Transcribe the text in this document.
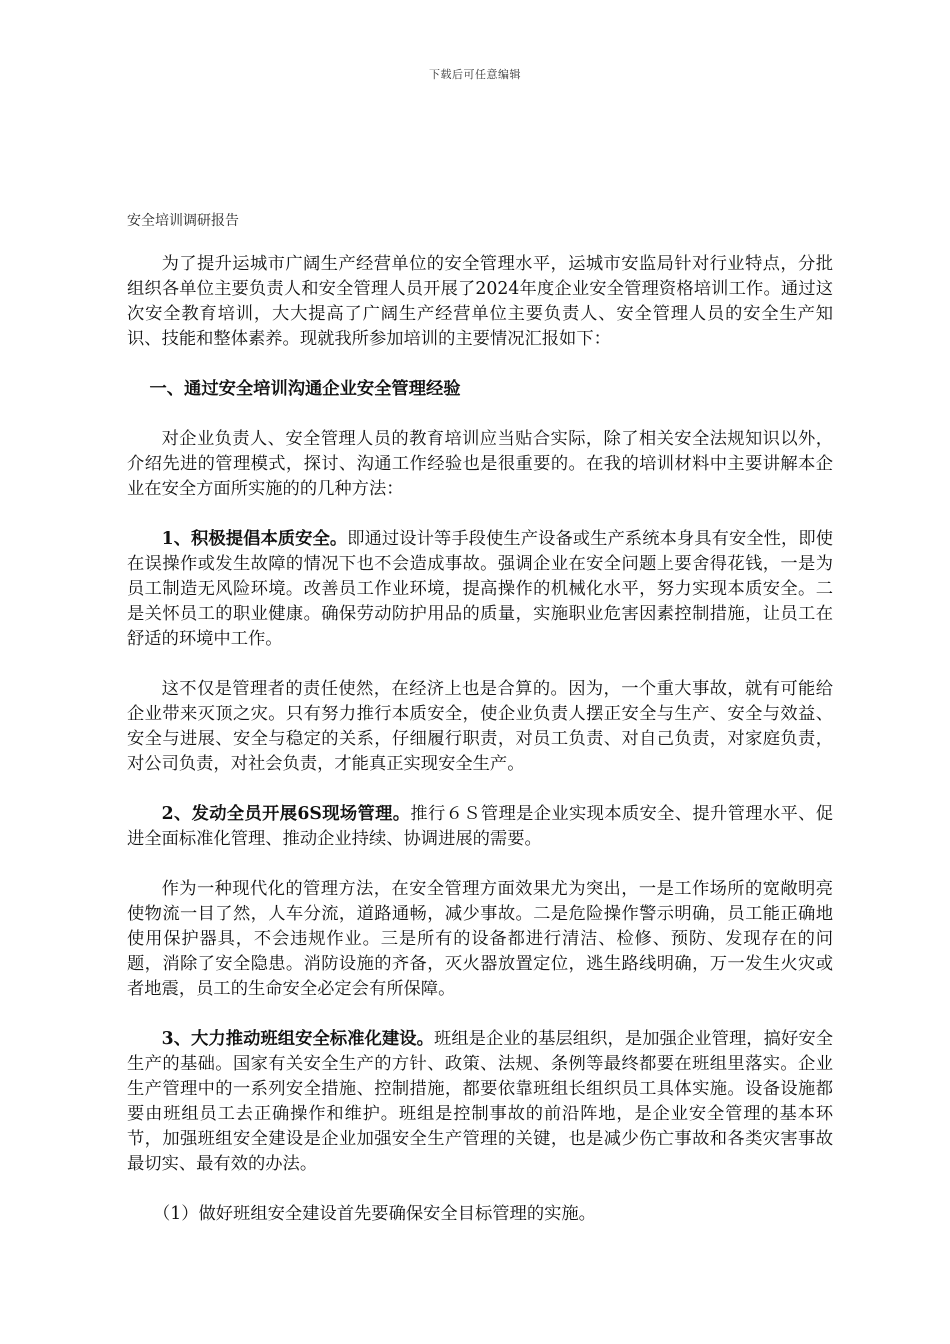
下载后可任意编辑
安全培训调研报告

为了提升运城市广阔生产经营单位的安全管理水平，运城市安监局针对行业特点，分批组织各单位主要负责人和安全管理人员开展了2024年度企业安全管理资格培训工作。通过这次安全教育培训，大大提高了广阔生产经营单位主要负责人、安全管理人员的安全生产知识、技能和整体素养。现就我所参加培训的主要情况汇报如下：

一、通过安全培训沟通企业安全管理经验

对企业负责人、安全管理人员的教育培训应当贴合实际，除了相关安全法规知识以外，介绍先进的管理模式，探讨、沟通工作经验也是很重要的。在我的培训材料中主要讲解本企业在安全方面所实施的的几种方法：

1、积极提倡本质安全。即通过设计等手段使生产设备或生产系统本身具有安全性，即使在误操作或发生故障的情况下也不会造成事故。强调企业在安全问题上要舍得花钱，一是为员工制造无风险环境。改善员工作业环境，提高操作的机械化水平，努力实现本质安全。二是关怀员工的职业健康。确保劳动防护用品的质量，实施职业危害因素控制措施，让员工在舒适的环境中工作。

这不仅是管理者的责任使然，在经济上也是合算的。因为，一个重大事故，就有可能给企业带来灭顶之灾。只有努力推行本质安全，使企业负责人摆正安全与生产、安全与效益、安全与进展、安全与稳定的关系，仔细履行职责，对员工负责、对自己负责，对家庭负责，对公司负责，对社会负责，才能真正实现安全生产。

2、发动全员开展6S现场管理。推行６Ｓ管理是企业实现本质安全、提升管理水平、促进全面标准化管理、推动企业持续、协调进展的需要。

作为一种现代化的管理方法，在安全管理方面效果尤为突出，一是工作场所的宽敞明亮使物流一目了然，人车分流，道路通畅，减少事故。二是危险操作警示明确，员工能正确地使用保护器具，不会违规作业。三是所有的设备都进行清洁、检修、预防、发现存在的问题，消除了安全隐患。消防设施的齐备，灭火器放置定位，逃生路线明确，万一发生火灾或者地震，员工的生命安全必定会有所保障。

3、大力推动班组安全标准化建设。班组是企业的基层组织，是加强企业管理，搞好安全生产的基础。国家有关安全生产的方针、政策、法规、条例等最终都要在班组里落实。企业生产管理中的一系列安全措施、控制措施，都要依靠班组长组织员工具体实施。设备设施都要由班组员工去正确操作和维护。班组是控制事故的前沿阵地，是企业安全管理的基本环节，加强班组安全建设是企业加强安全生产管理的关键，也是减少伤亡事故和各类灾害事故最切实、最有效的办法。

（1）做好班组安全建设首先要确保安全目标管理的实施。
